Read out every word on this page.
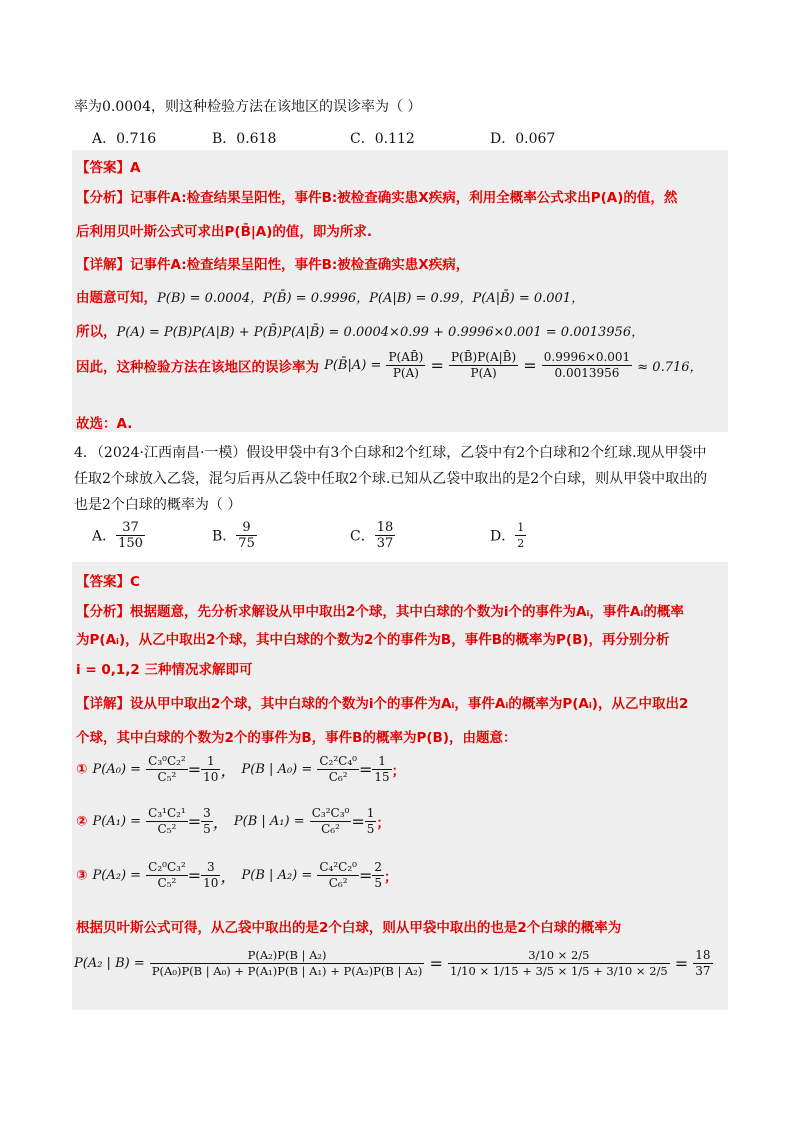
率为0.0004，则这种检验方法在该地区的误诊率为（ ）
A．0.716	B．0.618	C．0.112	D．0.067
【答案】A
【分析】记事件A:检查结果呈阳性，事件B:被检查确实患X疾病，利用全概率公式求出P(A)的值，然
后利用贝叶斯公式可求出P(B̄|A)的值，即为所求.
【详解】记事件A:检查结果呈阳性，事件B:被检查确实患X疾病，
由题意可知，P(B) = 0.0004，P(B̄) = 0.9996，P(A|B) = 0.99，P(A|B̄) = 0.001，
所以，P(A) = P(B)P(A|B) + P(B̄)P(A|B̄) = 0.0004×0.99 + 0.9996×0.001 = 0.0013956，
因此，这种检验方法在该地区的误诊率为 P(B̄|A) = $\frac{P(AB̄)}{P(A)} = \frac{P(B̄)P(A|B̄)}{P(A)} = \frac{0.9996\times 0.001}{0.0013956} \approx 0.716$，
故选：A.
4．（2024·江西南昌·一模）假设甲袋中有3个白球和2个红球，乙袋中有2个白球和2个红球.现从甲袋中
任取2个球放入乙袋，混匀后再从乙袋中任取2个球.已知从乙袋中取出的是2个白球，则从甲袋中取出的
也是2个白球的概率为（ ）
A． $\frac{37}{150}$	B． $\frac{9}{75}$	C． $\frac{18}{37}$	D． $\frac{1}{2}$
【答案】C
【分析】根据题意，先分析求解设从甲中取出2个球，其中白球的个数为i个的事件为Aᵢ，事件Aᵢ的概率
为P(Aᵢ)，从乙中取出2个球，其中白球的个数为2个的事件为B，事件B的概率为P(B)，再分别分析
i = 0,1,2 三种情况求解即可
【详解】设从甲中取出2个球，其中白球的个数为i个的事件为Aᵢ，事件Aᵢ的概率为P(Aᵢ)，从乙中取出2
个球，其中白球的个数为2个的事件为B，事件B的概率为P(B)，由题意：
① $P(A_0) = \frac{\text{C₃⁰C₂²}}{\text{C₅²}} = \frac{1}{10}$ ， P(B | $A_0) = \frac{\text{C₂²C₄⁰}}{\text{C₆²}} = \frac{1}{15}$ ；
② $P(A_1) = \frac{\text{C₃¹C₂¹}}{\text{C₅²}} = \frac{3}{5}$ ， P(B | $A_1) = \frac{\text{C₃²C₃⁰}}{\text{C₆²}} = \frac{1}{5}$ ；
③ $P(A_2) = \frac{\text{C₂⁰C₃²}}{\text{C₅²}} = \frac{3}{10}$ ， P(B | $A_2) = \frac{\text{C₄²C₂⁰}}{\text{C₆²}} = \frac{2}{5}$ ；
根据贝叶斯公式可得，从乙袋中取出的是2个白球，则从甲袋中取出的也是2个白球的概率为
P(A₂ | $B) = \frac{\text{P(A₂)P(B | A₂)}}{\text{P(A₀)P(B | A₀) + P(A₁)P(B | A₁) + P(A₂)P(B | A₂)}} = \frac{3/10 \times 2/5}{1/10 \times 1/15 + 3/5 \times 1/5 + 3/10 \times 2/5} = \frac{18}{37}$
